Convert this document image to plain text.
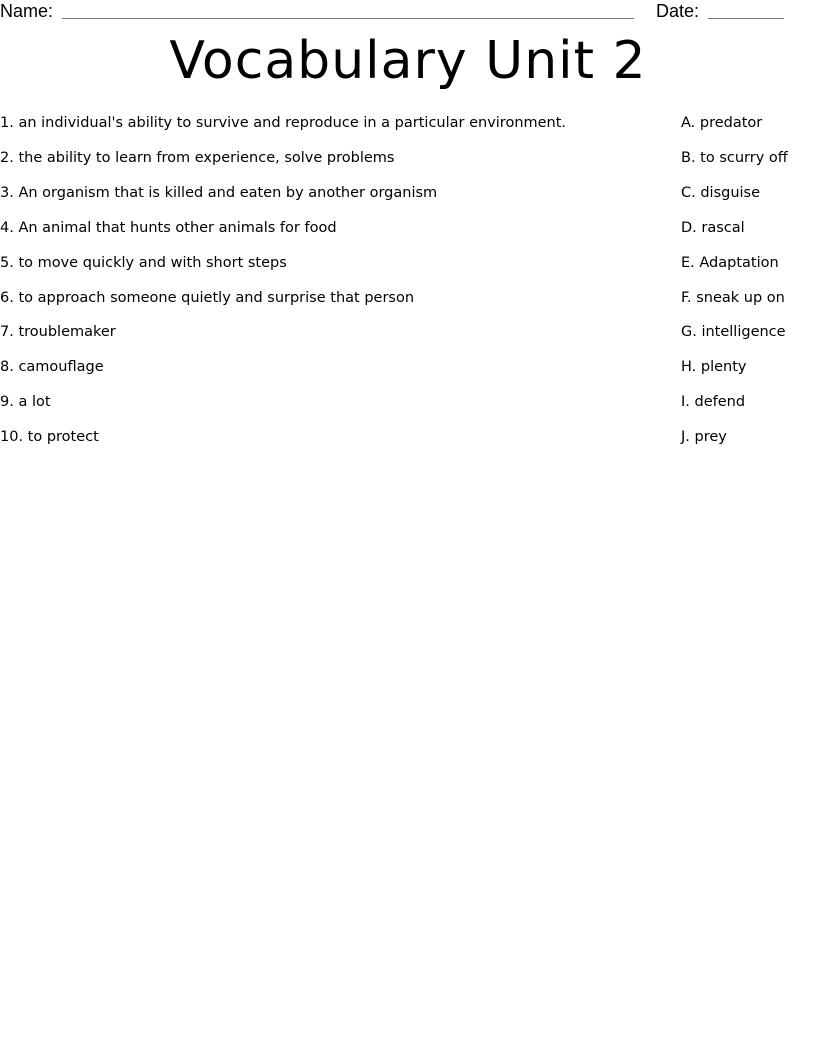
Name:	Date:
Vocabulary Unit 2
1. an individual's ability to survive and reproduce in a particular environment.
2. the ability to learn from experience, solve problems
3. An organism that is killed and eaten by another organism
4. An animal that hunts other animals for food
5. to move quickly and with short steps
6. to approach someone quietly and surprise that person
7. troublemaker
8. camouflage
9. a lot
10. to protect
A. predator
B. to scurry off
C. disguise
D. rascal
E. Adaptation
F. sneak up on
G. intelligence
H. plenty
I. defend
J. prey
